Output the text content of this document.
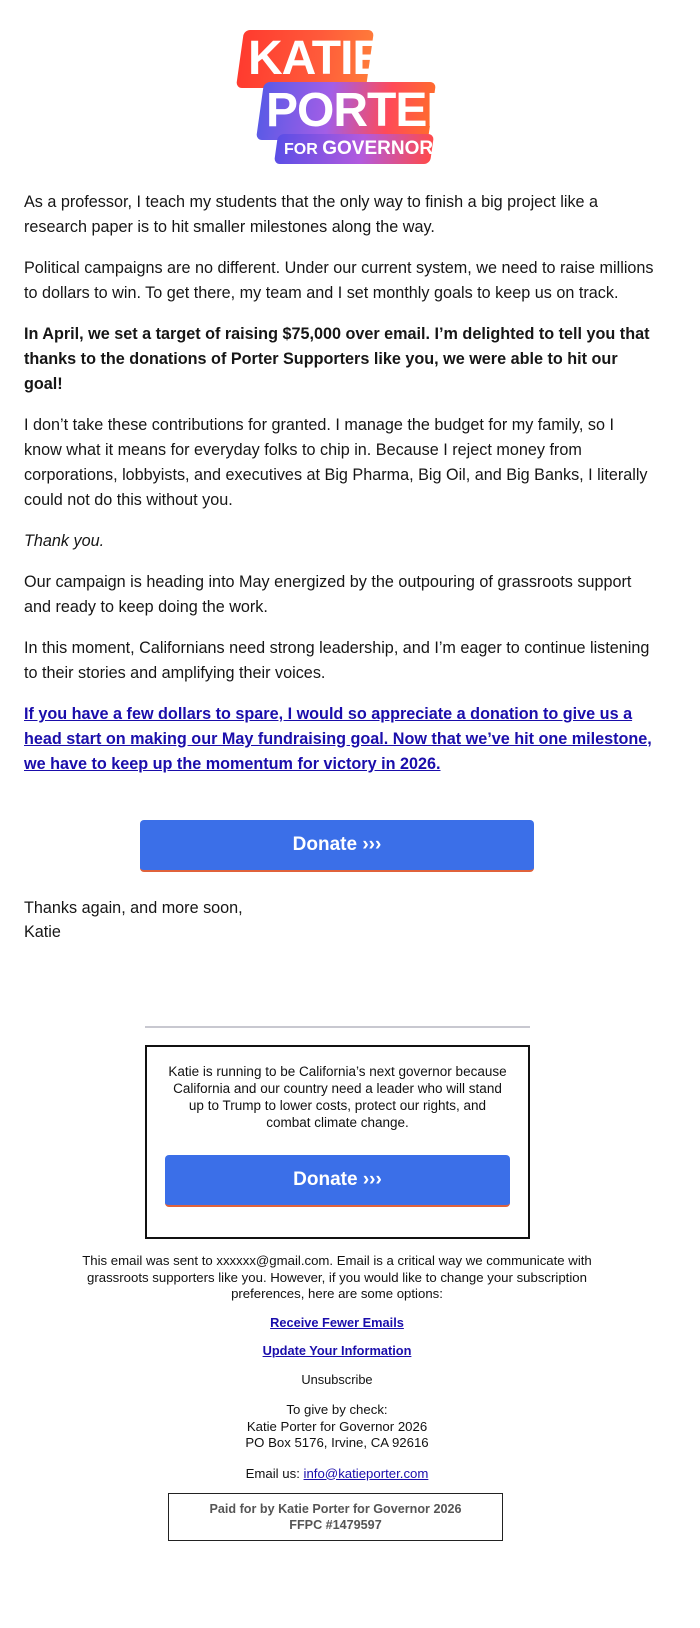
KATIE
PORTER
FOR GOVERNOR

As a professor, I teach my students that the only way to finish a big project like a research paper is to hit smaller milestones along the way.

Political campaigns are no different. Under our current system, we need to raise millions to dollars to win. To get there, my team and I set monthly goals to keep us on track.

In April, we set a target of raising $75,000 over email. I’m delighted to tell you that thanks to the donations of Porter Supporters like you, we were able to hit our goal!

I don’t take these contributions for granted. I manage the budget for my family, so I know what it means for everyday folks to chip in. Because I reject money from corporations, lobbyists, and executives at Big Pharma, Big Oil, and Big Banks, I literally could not do this without you.

Thank you.

Our campaign is heading into May energized by the outpouring of grassroots support and ready to keep doing the work.

In this moment, Californians need strong leadership, and I’m eager to continue listening to their stories and amplifying their voices.

If you have a few dollars to spare, I would so appreciate a donation to give us a head start on making our May fundraising goal. Now that we’ve hit one milestone, we have to keep up the momentum for victory in 2026.

Donate ›››
Thanks again, and more soon,
Katie
Katie is running to be California’s next governor because California and our country need a leader who will stand up to Trump to lower costs, protect our rights, and combat climate change.
Donate ›››

This email was sent to xxxxxx@gmail.com. Email is a critical way we communicate with grassroots supporters like you. However, if you would like to change your subscription preferences, here are some options:

Receive Fewer Emails
Update Your Information

Unsubscribe

To give by check:
Katie Porter for Governor 2026
PO Box 5176, Irvine, CA 92616
Email us: info@katieporter.com
Paid for by Katie Porter for Governor 2026
FFPC #1479597
